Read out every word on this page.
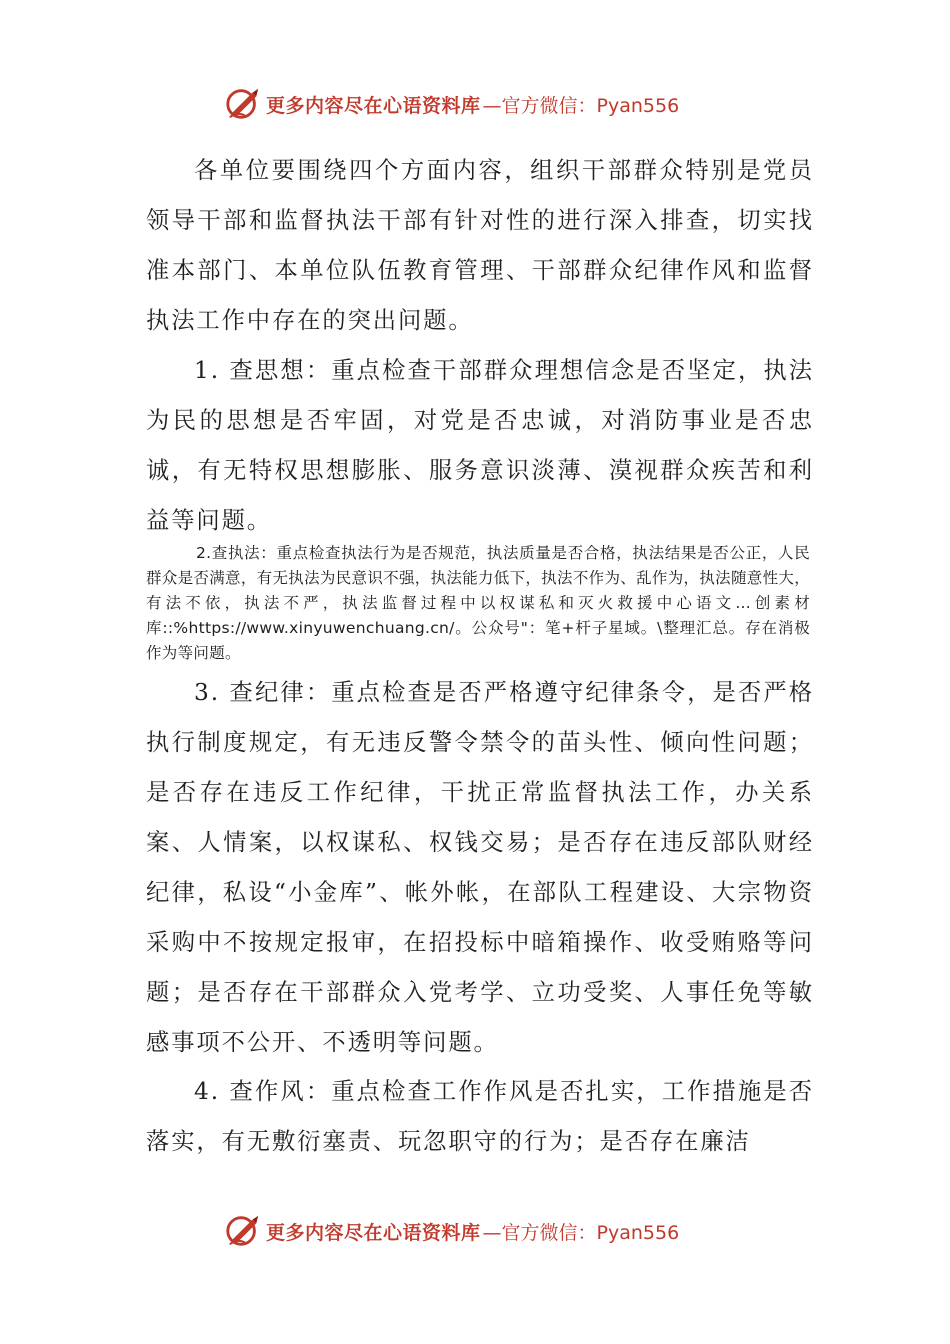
更多内容尽在心语资料库 —官方微信：Pyan556
各单位要围绕四个方面内容，组织干部群众特别是党员领导干部和监督执法干部有针对性的进行深入排查，切实找准本部门、本单位队伍教育管理、干部群众纪律作风和监督执法工作中存在的突出问题。
1. 查思想：重点检查干部群众理想信念是否坚定，执法为民的思想是否牢固，对党是否忠诚，对消防事业是否忠诚，有无特权思想膨胀、服务意识淡薄、漠视群众疾苦和利益等问题。
2.查执法：重点检查执法行为是否规范，执法质量是否合格，执法结果是否公正，人民群众是否满意，有无执法为民意识不强，执法能力低下，执法不作为、乱作为，执法随意性大，有法不依，执法不严，执法监督过程中以权谋私和灭火救援中心语文…创素材库::%https://www.xinyuwenchuang.cn/。公众号"：笔+杆子星域。\整理汇总。存在消极作为等问题。
3. 查纪律：重点检查是否严格遵守纪律条令，是否严格执行制度规定，有无违反警令禁令的苗头性、倾向性问题；是否存在违反工作纪律，干扰正常监督执法工作，办关系案、人情案，以权谋私、权钱交易；是否存在违反部队财经纪律，私设“小金库”、帐外帐，在部队工程建设、大宗物资采购中不按规定报审，在招投标中暗箱操作、收受贿赂等问题；是否存在干部群众入党考学、立功受奖、人事任免等敏感事项不公开、不透明等问题。
4. 查作风：重点检查工作作风是否扎实，工作措施是否落实，有无敷衍塞责、玩忽职守的行为；是否存在廉洁
更多内容尽在心语资料库 —官方微信：Pyan556
